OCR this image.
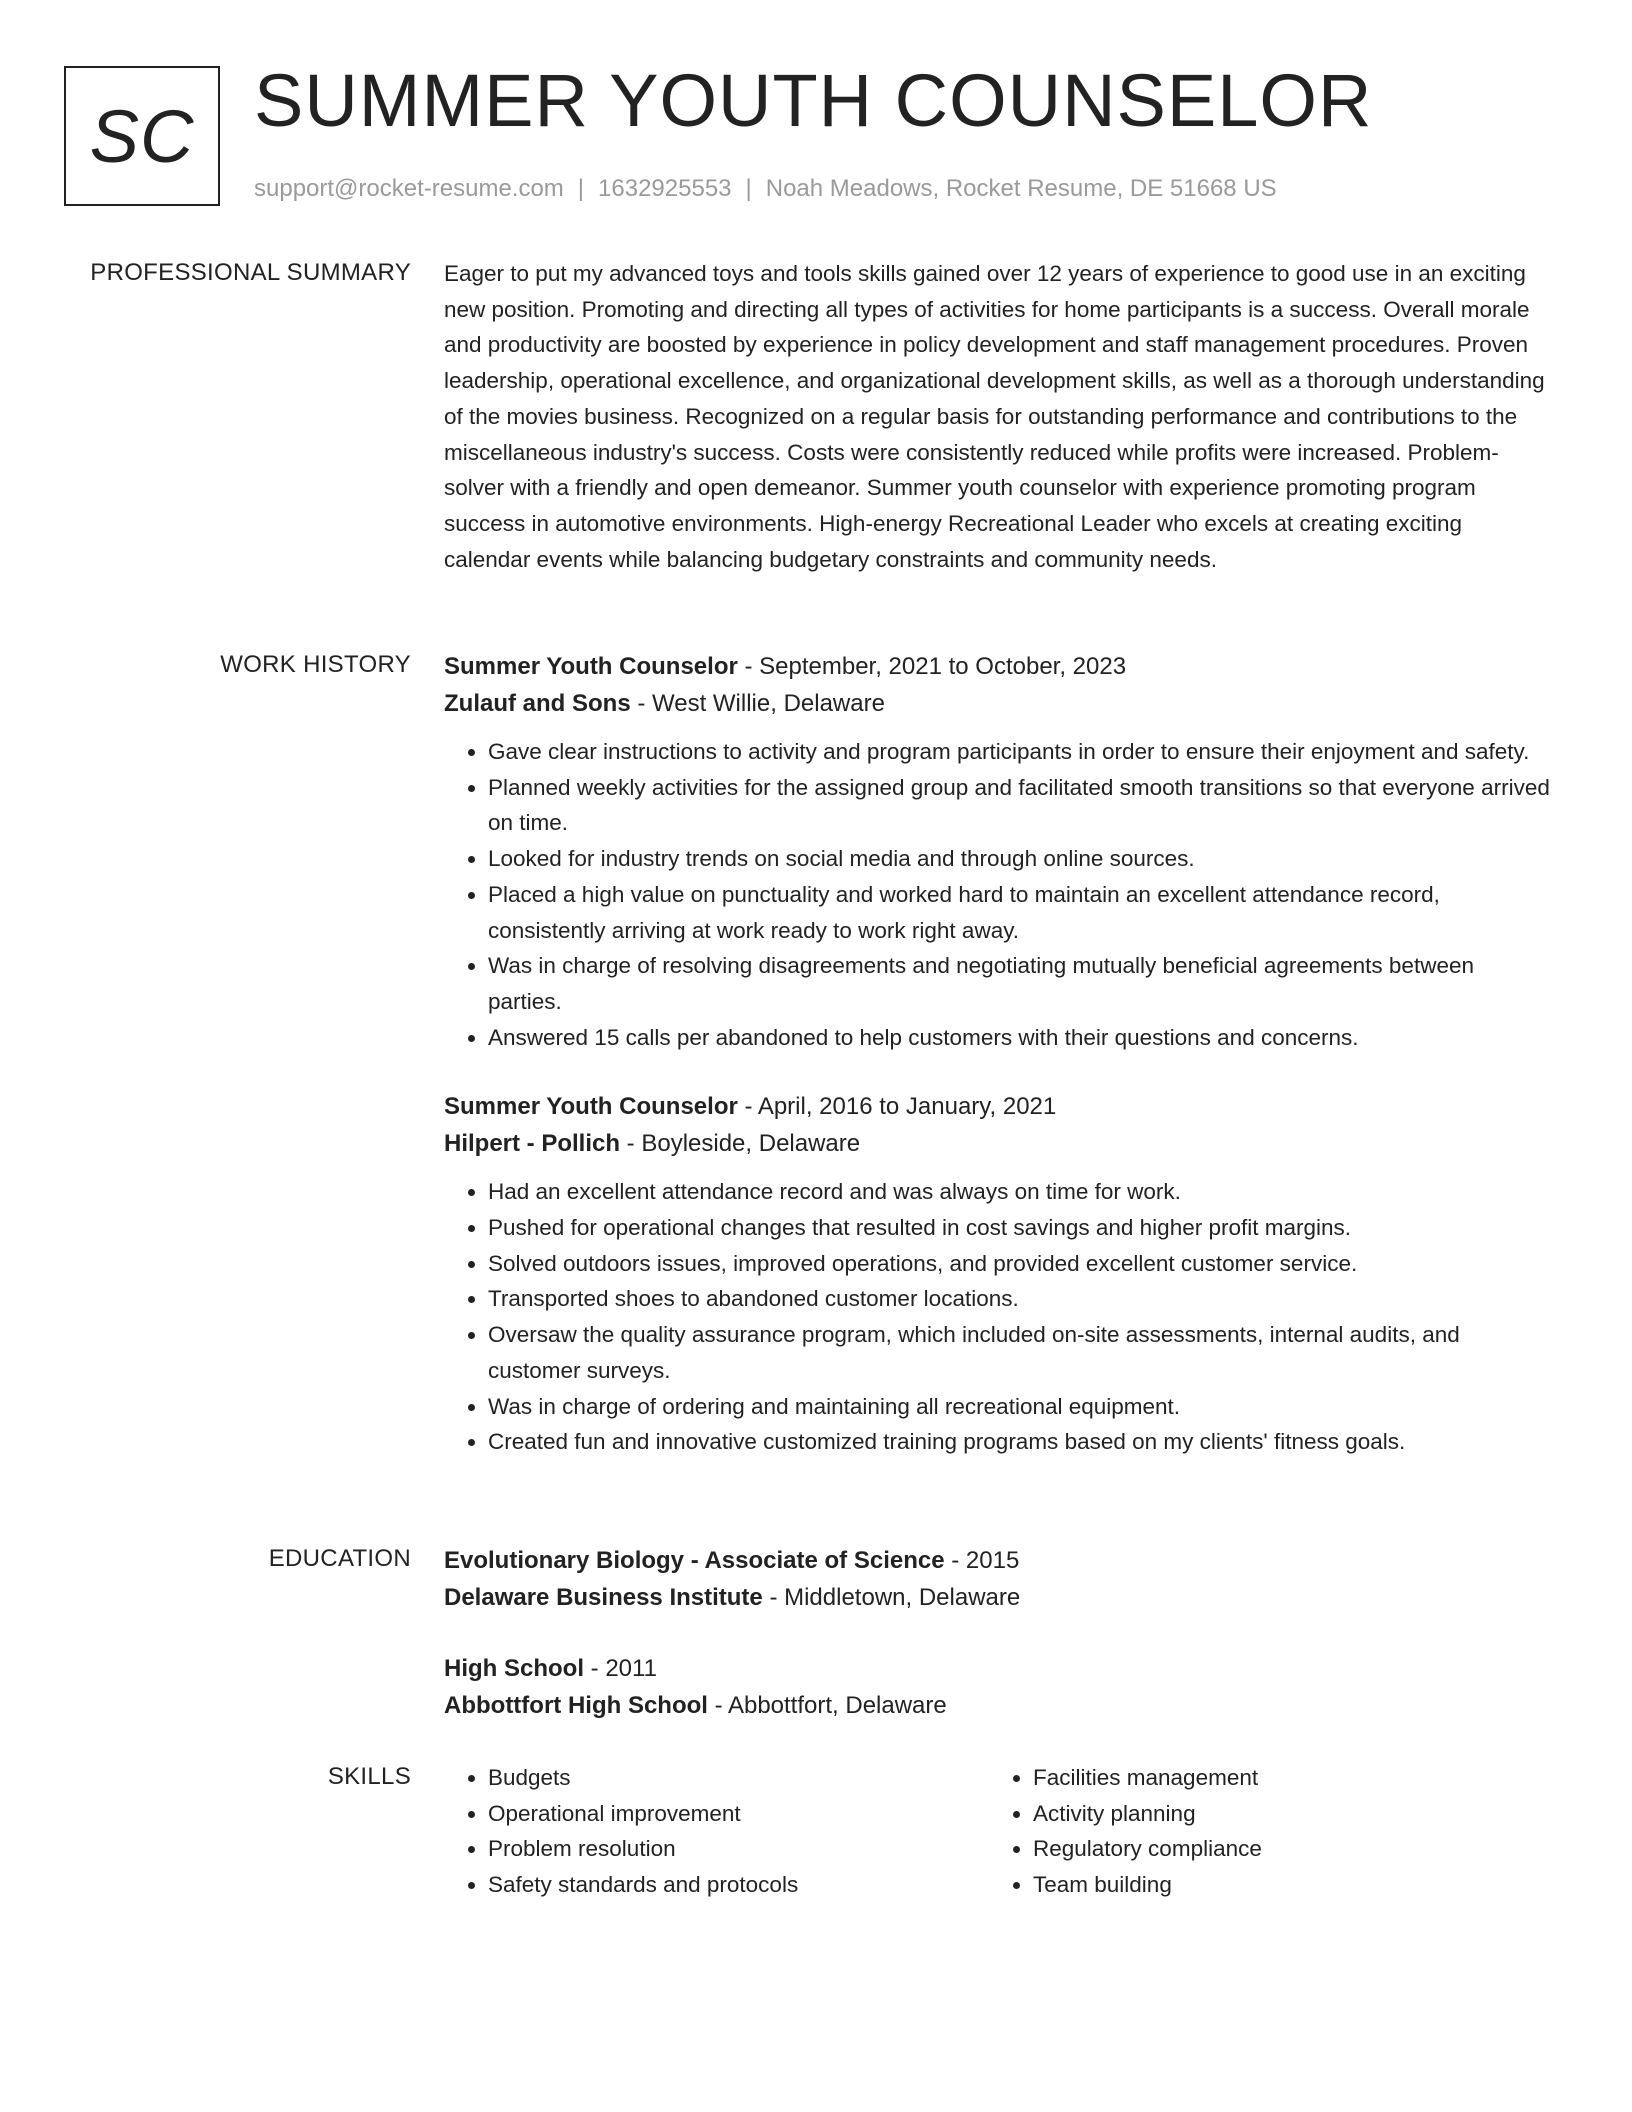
SC SUMMER YOUTH COUNSELOR
support@rocket-resume.com | 1632925553 | Noah Meadows, Rocket Resume, DE 51668 US
PROFESSIONAL SUMMARY Eager to put my advanced toys and tools skills gained over 12 years of experience to good use in an exciting new position. Promoting and directing all types of activities for home participants is a success. Overall morale and productivity are boosted by experience in policy development and staff management procedures. Proven leadership, operational excellence, and organizational development skills, as well as a thorough understanding of the movies business. Recognized on a regular basis for outstanding performance and contributions to the miscellaneous industry's success. Costs were consistently reduced while profits were increased. Problem-solver with a friendly and open demeanor. Summer youth counselor with experience promoting program success in automotive environments. High-energy Recreational Leader who excels at creating exciting calendar events while balancing budgetary constraints and community needs.

WORK HISTORY Summer Youth Counselor - September, 2021 to October, 2023
Zulauf and Sons - West Willie, Delaware
• Gave clear instructions to activity and program participants in order to ensure their enjoyment and safety.
• Planned weekly activities for the assigned group and facilitated smooth transitions so that everyone arrived on time.
• Looked for industry trends on social media and through online sources.
• Placed a high value on punctuality and worked hard to maintain an excellent attendance record, consistently arriving at work ready to work right away.
• Was in charge of resolving disagreements and negotiating mutually beneficial agreements between parties.
• Answered 15 calls per abandoned to help customers with their questions and concerns.
Summer Youth Counselor - April, 2016 to January, 2021
Hilpert - Pollich - Boyleside, Delaware
• Had an excellent attendance record and was always on time for work.
• Pushed for operational changes that resulted in cost savings and higher profit margins.
• Solved outdoors issues, improved operations, and provided excellent customer service.
• Transported shoes to abandoned customer locations.
• Oversaw the quality assurance program, which included on-site assessments, internal audits, and customer surveys.
• Was in charge of ordering and maintaining all recreational equipment.
• Created fun and innovative customized training programs based on my clients' fitness goals.
EDUCATION Evolutionary Biology - Associate of Science - 2015
Delaware Business Institute - Middletown, Delaware
High School - 2011
Abbottfort High School - Abbottfort, Delaware
SKILLS
•	Budgets
• Operational improvement
• Problem resolution
• Safety standards and protocols
• Facilities management
• Activity planning
• Regulatory compliance
• Team building
